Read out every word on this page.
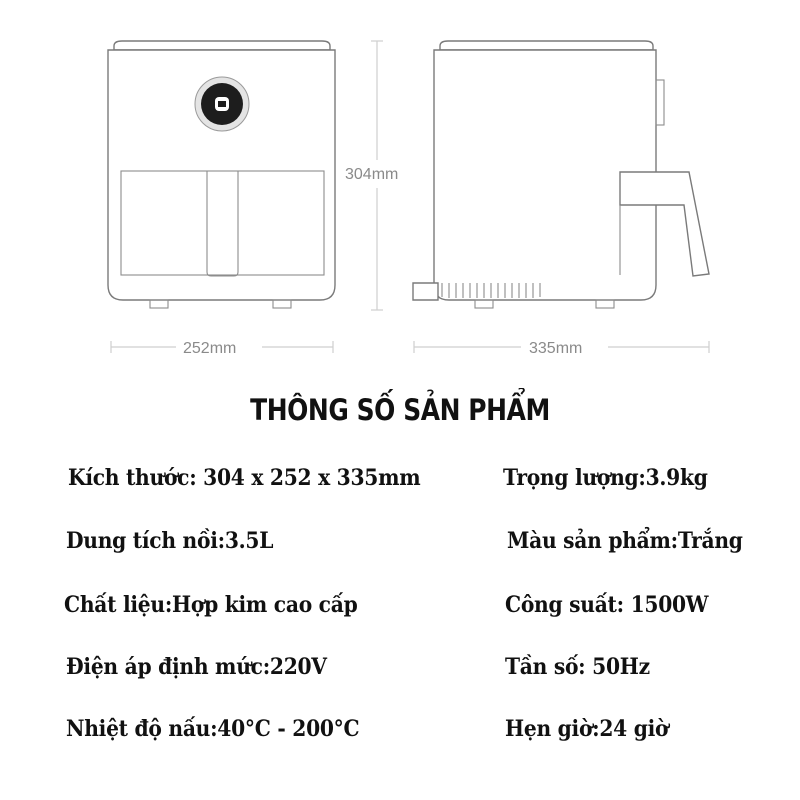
304mm
252mm	335mm
THÔNG SỐ SẢN PHẨM
Kích thước: 304 x 252 x 335mm	Trọng lượng:3.9kg
Dung tích nồi:3.5L	Màu sản phẩm:Trắng
Chất liệu:Hợp kim cao cấp	Công suất: 1500W
Điện áp định mức:220V	Tần số: 50Hz
Nhiệt độ nấu:40°C - 200°C	Hẹn giờ:24 giờ
